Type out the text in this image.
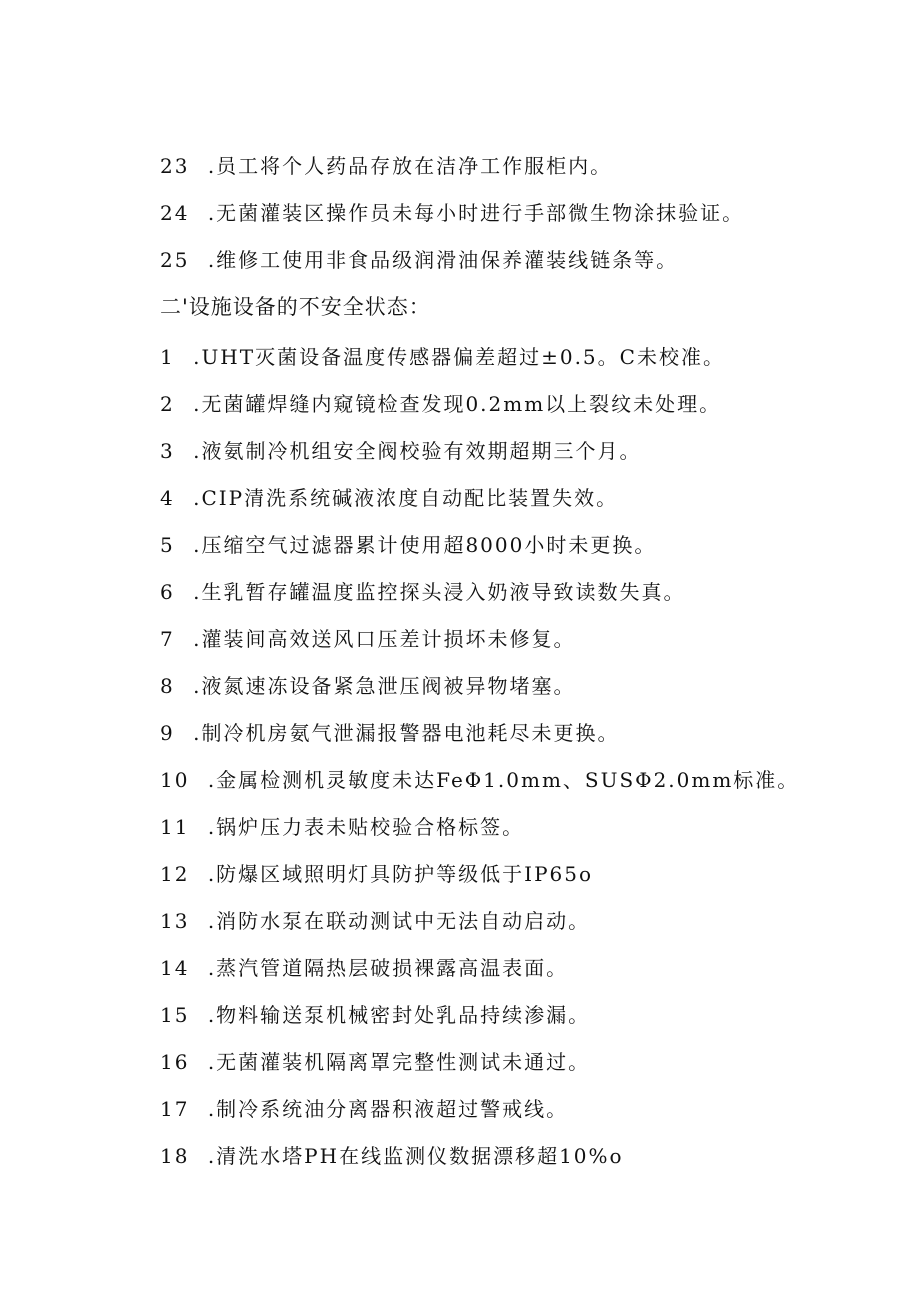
23 .员工将个人药品存放在洁净工作服柜内。
24 .无菌灌装区操作员未每小时进行手部微生物涂抹验证。
25 .维修工使用非食品级润滑油保养灌装线链条等。
二'设施设备的不安全状态：
1 .UHT灭菌设备温度传感器偏差超过±0.5。C未校准。
2 .无菌罐焊缝内窥镜检查发现0.2mm以上裂纹未处理。
3 .液氨制冷机组安全阀校验有效期超期三个月。
4 .CIP清洗系统碱液浓度自动配比装置失效。
5 .压缩空气过滤器累计使用超8000小时未更换。
6 .生乳暂存罐温度监控探头浸入奶液导致读数失真。
7 .灌装间高效送风口压差计损坏未修复。
8 .液氮速冻设备紧急泄压阀被异物堵塞。
9 .制冷机房氨气泄漏报警器电池耗尽未更换。
10 .金属检测机灵敏度未达FeΦ1.0mm、SUSΦ2.0mm标准。
11 .锅炉压力表未贴校验合格标签。
12 .防爆区域照明灯具防护等级低于IP65o
13 .消防水泵在联动测试中无法自动启动。
14 .蒸汽管道隔热层破损裸露高温表面。
15 .物料输送泵机械密封处乳品持续渗漏。
16 .无菌灌装机隔离罩完整性测试未通过。
17 .制冷系统油分离器积液超过警戒线。
18 .清洗水塔PH在线监测仪数据漂移超10%o
